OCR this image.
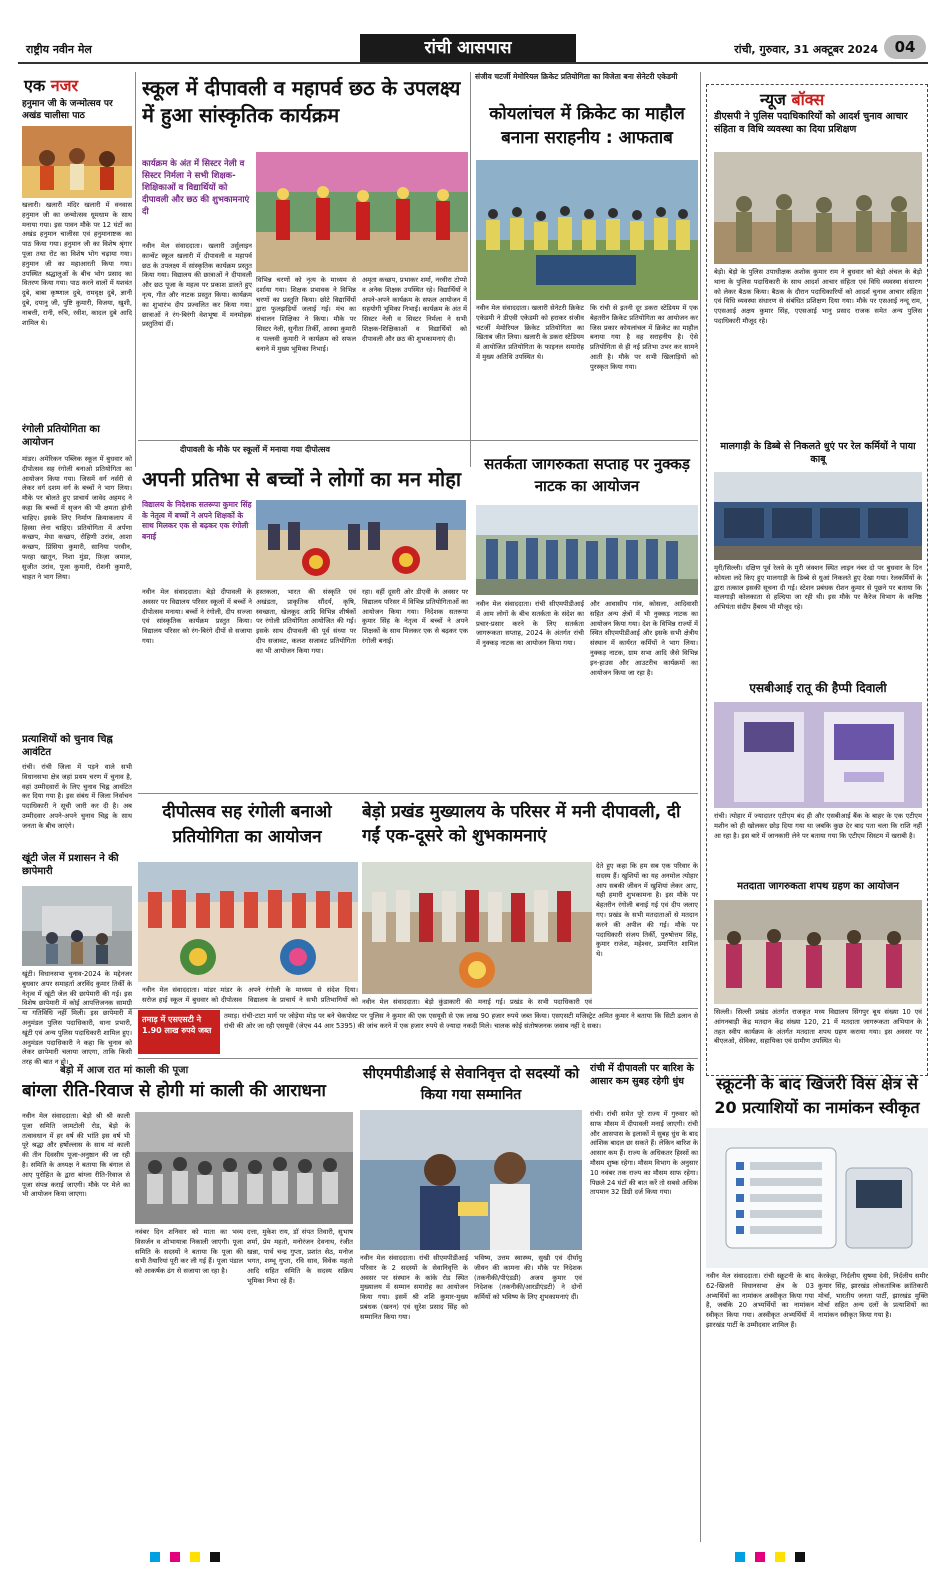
राष्ट्रीय नवीन मेल	रांची आसपास	रांची, गुरुवार, 31 अक्टूबर 2024	04
एक नजर
हनुमान जी के जन्मोत्सव पर अखंड चालीसा पाठ
खलारी। खलारी मंदिर खलारी में वनवास हनुमान जी का जन्मोत्सव धूमधाम के साथ मनाया गया। इस पावन मौके पर 12 घंटों का अखंड हनुमान चालीसा एवं हनुमानाष्टक का पाठ किया गया। हनुमान जी का विशेष श्रृंगार पूजा तथा रोट का विशेष भोग चढ़ाया गया। हनुमान जी का महाआरती किया गया। उपस्थित श्रद्धालुओं के बीच भोग प्रसाद का वितरण किया गया। पाठ करने वालों में यशवंत दुबे, बाबा कृष्णाल दुबे, रामवृक्ष दुबे, ज्ञानी दुबे, दयानु जी, पुष्टि कुमारी, विजया, खुशी, नाबत्ती, रानी, रुचि, रवीश, कादल दुबे आदि शामिल थे।
रंगोली प्रतियोगिता का आयोजन
मांडर। अमेरिकन पब्लिक स्कूल में बुधवार को दीपोत्सव सह रंगोली बनाओ प्रतियोगिता का आयोजन किया गया। जिसमें वर्ग नर्सरी से लेकर वर्ग दशम वर्ग के बच्चों ने भाग लिया। मौके पर बोलते हुए प्राचार्य जावेद अहमद ने कहा कि बच्चों में सृजन की भी क्षमता होनी चाहिए। इसके लिए निर्माण क्रियाकलाप में हिस्सा लेना चाहिए। प्रतियोगिता में अर्पणा कच्छप, मेघा कच्छप, रोहिणी उरांव, आशा कच्छप, प्रिंसिया कुमारी, सानिया परवीन, फरहा खातून, निशा मुंडा, फ़िज़ा जमाल, सुजीत उरांव, पूजा कुमारी, रोशनी कुमारी, चाहत ने भाग लिया।
प्रत्याशियों को चुनाव चिह्न आवंटित
रांची। रांची जिला में पड़ने वाले सभी विधानसभा क्षेत्र जहां प्रथम चरण में चुनाव है, वहां उम्मीदवारों के लिए चुनाव चिह्न आवंटित कर दिया गया है। इस संबंध में जिला निर्वाचन पदाधिकारी ने सूची जारी कर दी है। अब उम्मीदवार अपने-अपने चुनाव चिह्न के साथ जनता के बीच जाएंगे।
खूंटी जेल में प्रशासन ने की छापेमारी
खूंटी। विधानसभा चुनाव-2024 के मद्देनजर बुधवार अपर समाहर्ता अरविंद कुमार तिर्की के नेतृत्व में खूंटी जेल की छापेमारी की गई। इस विशेष छापेमारी में कोई आपत्तिजनक सामग्री या गतिविधि नहीं मिली। इस छापेमारी में अनुमंडल पुलिस पदाधिकारी, थाना प्रभारी, खूंटी एवं अन्य पुलिस पदाधिकारी शामिल हुए। अनुमंडल पदाधिकारी ने कहा कि चुनाव को लेकर छापेमारी चलाया जाएगा, ताकि किसी तरह की बात न हो।
स्कूल में दीपावली व महापर्व छठ के उपलक्ष्य में हुआ सांस्कृतिक कार्यक्रम
कार्यक्रम के अंत में सिस्टर नेली व सिस्टर निर्मला ने सभी शिक्षक-शिक्षिकाओं व विद्यार्थियों को दीपावली और छठ की शुभकामनाएं दी
नवीन मेल संवाददाता। खलारी उर्सुलाइन कान्वेंट स्कूल खलारी में दीपावली व महापर्व छठ के उपलक्ष्य में सांस्कृतिक कार्यक्रम प्रस्तुत किया गया। विद्यालय की छात्राओं ने दीपावली और छठ पूजा के महत्व पर प्रकाश डालते हुए नृत्य, गीत और नाटक प्रस्तुत किया। कार्यक्रम का शुभारंभ दीप प्रज्वलित कर किया गया। छात्राओं ने रंग-बिरंगी वेशभूषा में मनमोहक प्रस्तुतियां दीं।
विभिन्न चरणों को नृत्य के माध्यम से दर्शाया गया। शिक्षक प्रभावक ने विभिन्न चरणों का प्रस्तुति किया। छोटे विद्यार्थियों द्वारा फुलझड़ियों जलाई गई। मंच का संचालन शिक्षिका ने किया। मौके पर सिस्टर नेली, सुनीता तिर्की, आस्था कुमारी व पल्लवी कुमारी ने कार्यक्रम को सफल बनाने में मुख्य भूमिका निभाई।
अमृता कच्छप, प्रभाकर शर्मा, नरवीरा टोप्पो व अनेक शिक्षक उपस्थित रहे। विद्यार्थियों ने अपने-अपने कार्यक्रम के सफल आयोजन में सहयोगी भूमिका निभाई। कार्यक्रम के अंत में सिस्टर नेली व सिस्टर निर्मला ने सभी शिक्षक-शिक्षिकाओं व विद्यार्थियों को दीपावली और छठ की शुभकामनाएं दी।
संजीव चटर्जी मेमोरियल क्रिकेट प्रतियोगिता का विजेता बना सेनेटरी एकेडमी
कोयलांचल में क्रिकेट का माहौल बनाना सराहनीय : आफताब
नवीन मेल संवाददाता। खलारी सेनेटरी क्रिकेट एकेडमी ने डीएवी एकेडमी को हराकर संजीव चटर्जी मेमोरियल क्रिकेट प्रतियोगिता का खिताब जीत लिया। खलारी के डकरा स्टेडियम में आयोजित प्रतियोगिता के फाइनल समारोह में मुख्य अतिथि उपस्थित थे।
कि रांची से इतनी दूर डकरा स्टेडियम में एक बेहतरीन क्रिकेट प्रतियोगिता का आयोजन कर जिस प्रकार कोयलांचल में क्रिकेट का माहौल बनाया गया है वह सराहनीय है। ऐसे प्रतियोगिता से ही नई प्रतिभा उभर कर सामने आती है। मौके पर सभी खिलाड़ियों को पुरस्कृत किया गया।
दीपावली के मौके पर स्कूलों में मनाया गया दीपोत्सव
अपनी प्रतिभा से बच्चों ने लोगों का मन मोहा
विद्यालय के निदेशक सतरूपा कुमार सिंह के नेतृत्व में बच्चों ने अपने शिक्षकों के साथ मिलकर एक से बढ़कर एक रंगोली बनाई
नवीन मेल संवाददाता। बेड़ो दीपावली के अवसर पर विद्यालय परिसर स्कूलों में बच्चों ने दीपोत्सव मनाया। बच्चों ने रंगोली, दीप सज्जा एवं सांस्कृतिक कार्यक्रम प्रस्तुत किया। विद्यालय परिसर को रंग-बिरंगे दीपों से सजाया गया।
हस्तकला, भारत की संस्कृति एवं अखंडता, प्राकृतिक सौंदर्य, कृषि, स्वच्छता, खेलकूद आदि विभिन्न शीर्षकों पर रंगोली प्रतियोगिता आयोजित की गई। इसके साथ दीपावली की पूर्व संध्या पर दीप सजावट, कलश सजावट प्रतियोगिता का भी आयोजन किया गया।
रहा। वहीं दूसरी ओर डीएवी के अवसर पर विद्यालय परिसर में विभिन्न प्रतियोगिताओं का आयोजन किया गया। निदेशक सतरूपा कुमार सिंह के नेतृत्व में बच्चों ने अपने शिक्षकों के साथ मिलकर एक से बढ़कर एक रंगोली बनाई।
सतर्कता जागरुकता सप्ताह पर नुक्कड़ नाटक का आयोजन
नवीन मेल संवाददाता। रांची सीएमपीडीआई में आम लोगों के बीच सतर्कता के संदेश का प्रचार-प्रसार करने के लिए सतर्कता जागरूकता सप्ताह, 2024 के अंतर्गत रांची में नुक्कड़ नाटक का आयोजन किया गया।
और आवासीय गांव, कोसला, आदिवासी सहित अन्य क्षेत्रों में भी नुक्कड़ नाटक का आयोजन किया गया। देश के विभिन्न राज्यों में स्थित सीएमपीडीआई और इसके सभी क्षेत्रीय संस्थान में कार्यरत कर्मियों ने भाग लिया। नुक्कड़ नाटक, ग्राम सभा आदि जैसे विभिन्न इन-हाउस और आउटरीच कार्यक्रमों का आयोजन किया जा रहा है।
दीपोत्सव सह रंगोली बनाओ प्रतियोगिता का आयोजन
नवीन मेल संवाददाता। मांडर मांडर के सरोज हाई स्कूल में बुधवार को दीपोत्सव
अपने रंगोली के माध्यम से संदेश दिया। विद्यालय के प्राचार्य ने सभी प्रतिभागियों को
बेड़ो प्रखंड मुख्यालय के परिसर में मनी दीपावली, दी गईं एक-दूसरे को शुभकामनाएं
नवीन मेल संवाददाता। बेड़ो कुंडाकारी की मनाई गई। प्रखंड के सभी पदाधिकारी एवं
देते हुए कहा कि हम सब एक परिवार के सदस्य हैं। खुशियों का यह अनमोल त्योहार आप सबकी जीवन में खुशियां लेकर आए, यही हमारी शुभकामना है। इस मौके पर बेहतरीन रंगोली बनाई गई एवं दीप जलाए गए। प्रखंड के सभी मतदाताओं से मतदान करने की अपील की गई। मौके पर पदाधिकारी संजय तिर्की, पुरुषोत्तम सिंह, कुमार राजेश, महेश्वर, प्रमाणित शामिल थे।
तमाड़ में एसएसटी ने 1.90 लाख रुपये जब्त
तमाड़। रांची-टाटा मार्ग पर जोड़ेया मोड़ पर बने चेकपोस्ट पर पुलिस ने कुमार की एक एसयूवी से एक लाख 90 हजार रुपये जब्त किया। एसएसटी मजिस्ट्रेट अमित कुमार ने बताया कि सिटी ढलान से रांची की ओर जा रही एसयूवी (जेएच 44 आर 5395) की जांच करने में एक हजार रुपये से ज्यादा नकदी मिले। चालक कोई संतोषजनक जवाब नहीं दे सका।
बेड़ो में आज रात मां काली की पूजा
बांग्ला रीति-रिवाज से होगी मां काली की आराधना
नवीन मेल संवाददाता। बेड़ो श्री श्री काली पूजा समिति जामटोली रोड, बेड़ो के तत्वावधान में हर वर्ष की भांति इस वर्ष भी पूरे श्रद्धा और हर्षोल्लास के साथ मां काली की तीन दिवसीय पूजा-अनुष्ठान की जा रही है। समिति के अध्यक्ष ने बताया कि बंगाल से आए पुरोहित के द्वारा बांग्ला रीति-रिवाज से पूजा संपन्न कराई जाएगी। मौके पर मेले का भी आयोजन किया जाएगा।
नवंबर दिन शनिवार को माता का भव्य विसर्जन व शोभायात्रा निकाली जाएगी। पूजा समिति के सदस्यों ने बताया कि पूजा की सभी तैयारियां पूरी कर ली गई हैं। पूजा पंडाल को आकर्षक ढंग से सजाया जा रहा है।
दत्ता, मुकेश राय, डॉ संपत तिवारी, सुभाष शर्मा, प्रेम महतो, मनोरंजन देवनाथ, रंजीत खन्ना, पार्थ चन्द्र गुप्ता, प्रशांत सेठ, मनोज भगत, शम्भू गुप्ता, रवि साव, विवेक महतो आदि सहित समिति के सदस्य सक्रिय भूमिका निभा रहे हैं।
सीएमपीडीआई से सेवानिवृत्त दो सदस्यों को किया गया सम्मानित
नवीन मेल संवाददाता। रांची सीएमपीडीआई परिवार के 2 सदस्यों के सेवानिवृत्ति के अवसर पर संस्थान के कांके रोड स्थित मुख्यालय में सम्मान समारोह का आयोजन किया गया। इसमें श्री शशि कुमार-मुख्य प्रबंधक (खनन) एवं सुरेश प्रसाद सिंह को सम्मानित किया गया।
भविष्य, उत्तम स्वास्थ्य, सुखी एवं दीर्घायु जीवन की कामना की। मौके पर निदेशक (तकनीकी/पीएंडडी) अजय कुमार एवं निदेशक (तकनीकी/आरडीएंडटी) ने दोनों कर्मियों को भविष्य के लिए शुभकामनाएं दीं।
रांची में दीपावली पर बारिश के आसार कम सुबह रहेगी धुंध
रांची। रांची समेत पूरे राज्य में गुरुवार को साफ मौसम में दीपावली मनाई जाएगी। रांची और आसपास के इलाकों में सुबह धुंध के बाद आंशिक बादल छा सकते हैं। लेकिन बारिश के आसार कम हैं। राज्य के अधिकतर हिस्सों का मौसम शुष्क रहेगा। मौसम विभाग के अनुसार 10 नवंबर तक राज्य का मौसम साफ रहेगा। पिछले 24 घंटों की बात करें तो सबसे अधिक तापमान 32 डिग्री दर्ज किया गया।
न्यूज बॉक्स
डीएसपी ने पुलिस पदाधिकारियों को आदर्श चुनाव आचार संहिता व विधि व्यवस्था का दिया प्रशिक्षण
बेड़ो। बेड़ो के पुलिस उपाधीक्षक अशोक कुमार राम ने बुधवार को बेड़ो अंचल के बेड़ो थाना के पुलिस पदाधिकारी के साथ आदर्श आचार संहिता एवं विधि व्यवस्था संधारण को लेकर बैठक किया। बैठक के दौरान पदाधिकारियों को आदर्श चुनाव आचार संहिता एवं विधि व्यवस्था संधारण से संबंधित प्रशिक्षण दिया गया। मौके पर एसआई नन्दू राम, एएसआई अक्षय कुमार सिंह, एएसआई भानु प्रसाद राजक समेत अन्य पुलिस पदाधिकारी मौजूद रहे।
मालगाड़ी के डिब्बे से निकलते धुएं पर रेल कर्मियों ने पाया काबू
मुरी/सिल्ली। दक्षिण पूर्व रेलवे के मुरी जंक्शन स्थित लाइन नंबर दो पर बुधवार के दिन कोयला लदे किए हुए मालगाड़ी के डिब्बे से धुआं निकलते हुए देखा गया। रेलकर्मियों के द्वारा तत्काल इसकी सूचना दी गई। स्टेशन प्रबंधक रोशन कुमार से पूछने पर बताया कि मालगाड़ी कोलकाता से हल्दिया जा रही थी। इस मौके पर कैरेज विभाग के कनिष्ठ अभियंता संदीप हैंबरम भी मौजूद रहे।
एसबीआई रातू की हैप्पी दिवाली
रांची। त्योहार में ज्यादातर एटीएम बंद ही और एसबीआई बैंक के बाहर के एक एटीएम मशीन को ही खोलकर छोड़ दिया गया था जबकि कुछ देर बाद पता चला कि राशि नहीं आ रहा है। इस बारे में जानकारी लेने पर बताया गया कि एटीएम सिस्टम में खराबी है।
मतदाता जागरुकता शपथ ग्रहण का आयोजन
सिल्ली। सिल्ली प्रखंड अंतर्गत राजकृत मध्य विद्यालय सिंगपुर बूथ संख्या 10 एवं आंगनबाड़ी केंद्र मतदान केंद्र संख्या 120, 21 में मतदाता जागरूकता अभियान के तहत स्वीप कार्यक्रम के अंतर्गत मतदाता शपथ ग्रहण कराया गया। इस अवसर पर बीएलओ, सेविका, सहायिका एवं ग्रामीण उपस्थित थे।
स्क्रूटनी के बाद खिजरी विस क्षेत्र से 20 प्रत्याशियों का नामांकन स्वीकृत
नवीन मेल संवाददाता। रांची स्क्रूटनी के बाद 62-खिजरी विधानसभा क्षेत्र के 03 अभ्यर्थियों का नामांकन अस्वीकृत किया गया है, जबकि 20 अभ्यर्थियों का नामांकन स्वीकृत किया गया। अस्वीकृत अभ्यर्थियों में झारखंड पार्टी के उम्मीदवार शामिल हैं।
केरकेट्टा, निर्दलीय सुषमा देवी, निर्दलीय समीर कुमार सिंह, झारखंड लोकतांत्रिक क्रांतिकारी मोर्चा, भारतीय जनता पार्टी, झारखंड मुक्ति मोर्चा सहित अन्य दलों के प्रत्याशियों का नामांकन स्वीकृत किया गया है।
